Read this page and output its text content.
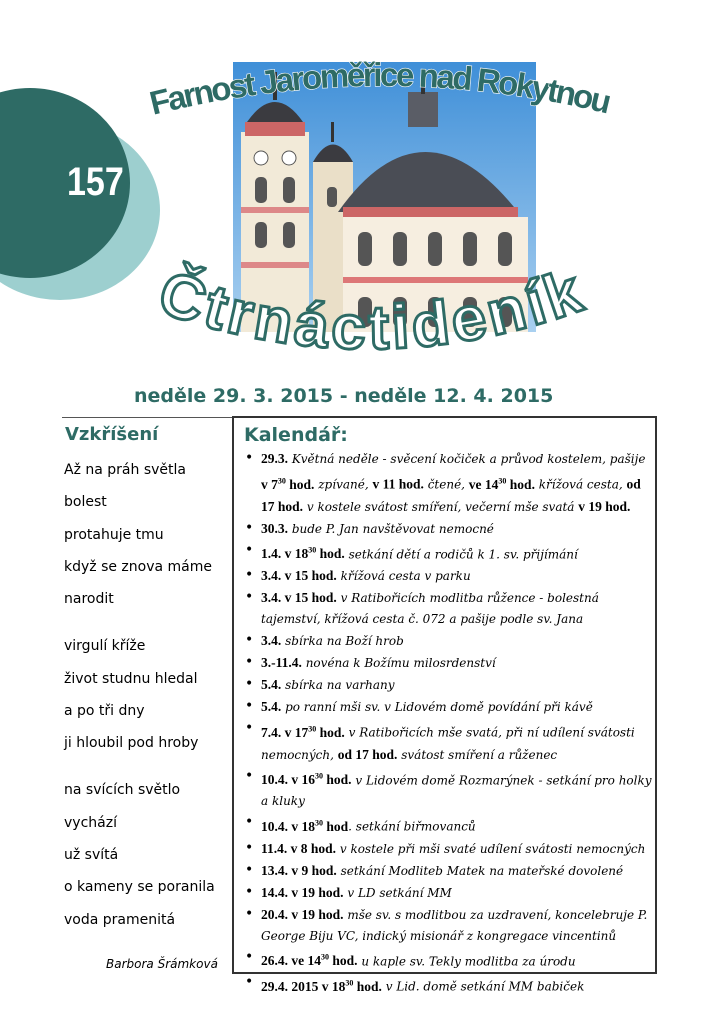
157
Farnost Jaroměřice nad Rokytnou
Čtrnáctideník
neděle 29. 3. 2015 - neděle 12. 4. 2015
Vzkříšení
Až na práh světla
bolest
protahuje tmu
když se znova máme
narodit
virgulí kříže
život studnu hledal
a po tři dny
ji hloubil pod hroby
na svících světlo
vychází
už svítá
o kameny se poranila
voda pramenitá
Barbora Šrámková
Kalendář:
• 29.3. Květná neděle - svěcení kočiček a průvod kostelem, pašije v $7^{30}$ hod. zpívané, v 11 hod. čtené, ve $14^{30}$ hod. křížová cesta, od 17 hod. v kostele svátost smíření, večerní mše svatá v 19 hod.
• 30.3. bude P. Jan navštěvovat nemocné
• 1.4. v $18^{30}$ hod. setkání dětí a rodičů k 1. sv. přijímání
• 3.4. v 15 hod. křížová cesta v parku
• 3.4. v 15 hod. v Ratibořicích modlitba růžence - bolestná tajemství, křížová cesta č. 072 a pašije podle sv. Jana
• 3.4. sbírka na Boží hrob
• 3.-11.4. novéna k Božímu milosrdenství
• 5.4. sbírka na varhany
• 5.4. po ranní mši sv. v Lidovém domě povídání při kávě
• 7.4. v $17^{30}$ hod. v Ratibořicích mše svatá, při ní udílení svátosti nemocných, od 17 hod. svátost smíření a růženec
• 10.4. v $16^{30}$ hod. v Lidovém domě Rozmarýnek - setkání pro holky a kluky
• 10.4. v $18^{30}$ hod. setkání biřmovanců
• 11.4. v 8 hod. v kostele při mši svaté udílení svátosti nemocných
• 13.4. v 9 hod. setkání Modliteb Matek na mateřské dovolené
• 14.4. v 19 hod. v LD setkání MM
• 20.4. v 19 hod. mše sv. s modlitbou za uzdravení, koncelebruje P. George Biju VC, indický misionář z kongregace vincentinů
• 26.4. ve $14^{30}$ hod. u kaple sv. Tekly modlitba za úrodu
• 29.4. 2015 v $18^{30}$ hod. v Lid. domě setkání MM babiček
